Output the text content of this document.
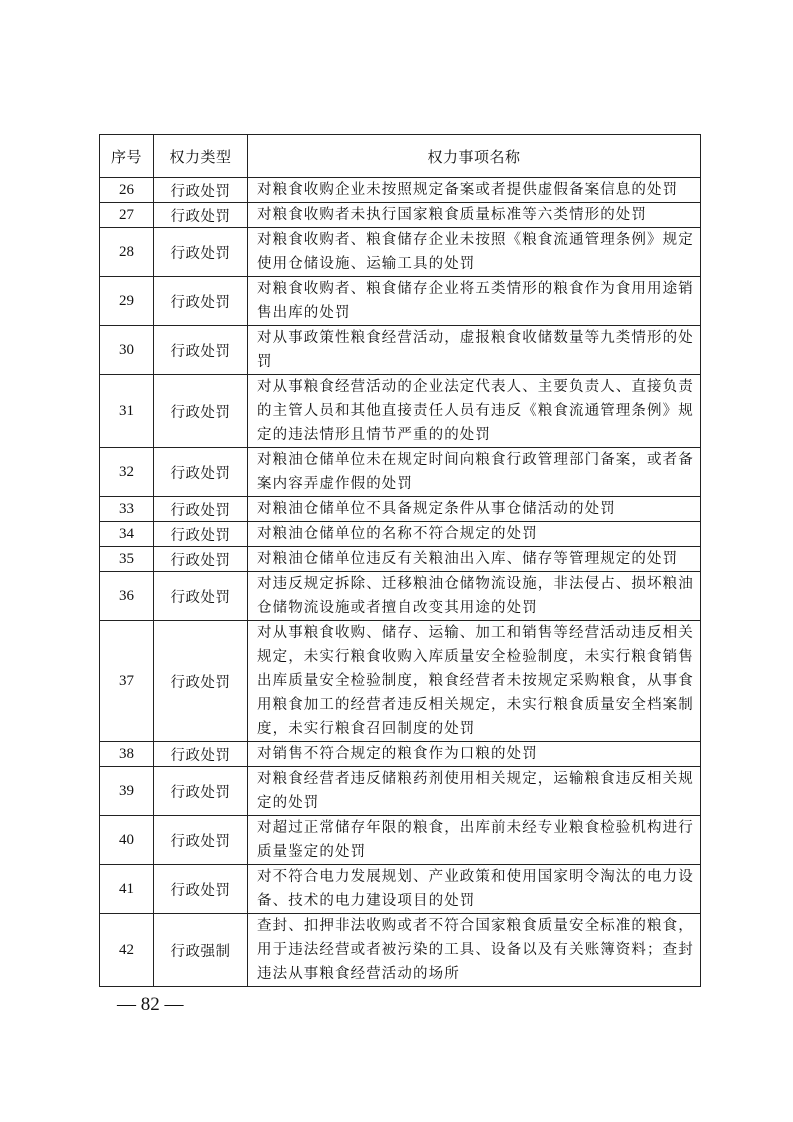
序号	权力类型	权力事项名称
26	行政处罚	对粮食收购企业未按照规定备案或者提供虚假备案信息的处罚
27	行政处罚	对粮食收购者未执行国家粮食质量标准等六类情形的处罚
28	行政处罚	对粮食收购者、粮食储存企业未按照《粮食流通管理条例》规定使用仓储设施、运输工具的处罚
29	行政处罚	对粮食收购者、粮食储存企业将五类情形的粮食作为食用用途销售出库的处罚
30	行政处罚	对从事政策性粮食经营活动，虚报粮食收储数量等九类情形的处罚
31	行政处罚	对从事粮食经营活动的企业法定代表人、主要负责人、直接负责的主管人员和其他直接责任人员有违反《粮食流通管理条例》规定的违法情形且情节严重的的处罚
32	行政处罚	对粮油仓储单位未在规定时间向粮食行政管理部门备案，或者备案内容弄虚作假的处罚
33	行政处罚	对粮油仓储单位不具备规定条件从事仓储活动的处罚
34	行政处罚	对粮油仓储单位的名称不符合规定的处罚
35	行政处罚	对粮油仓储单位违反有关粮油出入库、储存等管理规定的处罚
36	行政处罚	对违反规定拆除、迁移粮油仓储物流设施，非法侵占、损坏粮油仓储物流设施或者擅自改变其用途的处罚
37	行政处罚	对从事粮食收购、储存、运输、加工和销售等经营活动违反相关规定，未实行粮食收购入库质量安全检验制度，未实行粮食销售出库质量安全检验制度，粮食经营者未按规定采购粮食，从事食用粮食加工的经营者违反相关规定，未实行粮食质量安全档案制度，未实行粮食召回制度的处罚
38	行政处罚	对销售不符合规定的粮食作为口粮的处罚
39	行政处罚	对粮食经营者违反储粮药剂使用相关规定，运输粮食违反相关规定的处罚
40	行政处罚	对超过正常储存年限的粮食，出库前未经专业粮食检验机构进行质量鉴定的处罚
41	行政处罚	对不符合电力发展规划、产业政策和使用国家明令淘汰的电力设备、技术的电力建设项目的处罚
42	行政强制	查封、扣押非法收购或者不符合国家粮食质量安全标准的粮食，用于违法经营或者被污染的工具、设备以及有关账簿资料；查封违法从事粮食经营活动的场所
— 82 —
